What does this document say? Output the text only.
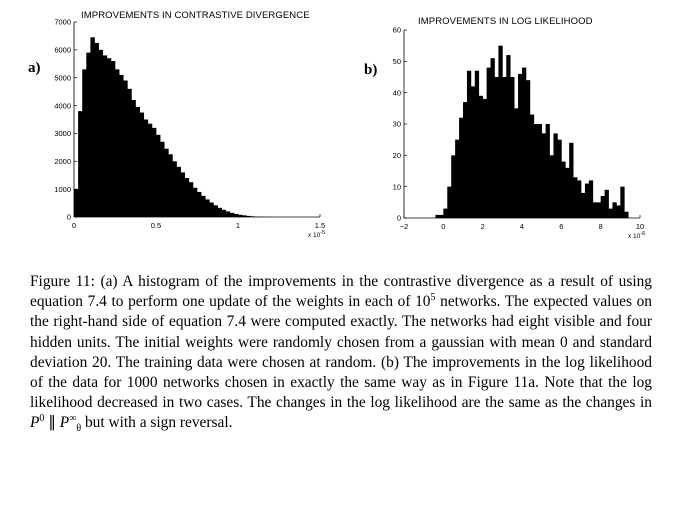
IMPROVEMENTS IN CONTRASTIVE DIVERGENCE
a)
0
1000
2000
3000
4000
5000
6000
7000
0	0.5	1	1.5
x $10^{-5}$
IMPROVEMENTS IN LOG LIKELIHOOD
b)
0
10
20
30
40
50
60
−2	0	2	4	6	8	10
x $10^{-6}$

Figure 11: (a) A histogram of the improvements in the contrastive divergence as a result of using equation 7.4 to perform one update of the weights in each of $10^5$ networks. The expected values on the right-hand side of equation 7.4 were computed exactly. The networks had eight visible and four hidden units. The initial weights were randomly chosen from a gaussian with mean 0 and standard deviation 20. The training data were chosen at random. (b) The improvements in the log likelihood of the data for 1000 networks chosen in exactly the same way as in Figure 11a. Note that the log likelihood decreased in two cases. The changes in the log likelihood are the same as the changes in $P^0$ ∥ $P^\infty_\theta$ but with a sign reversal.
